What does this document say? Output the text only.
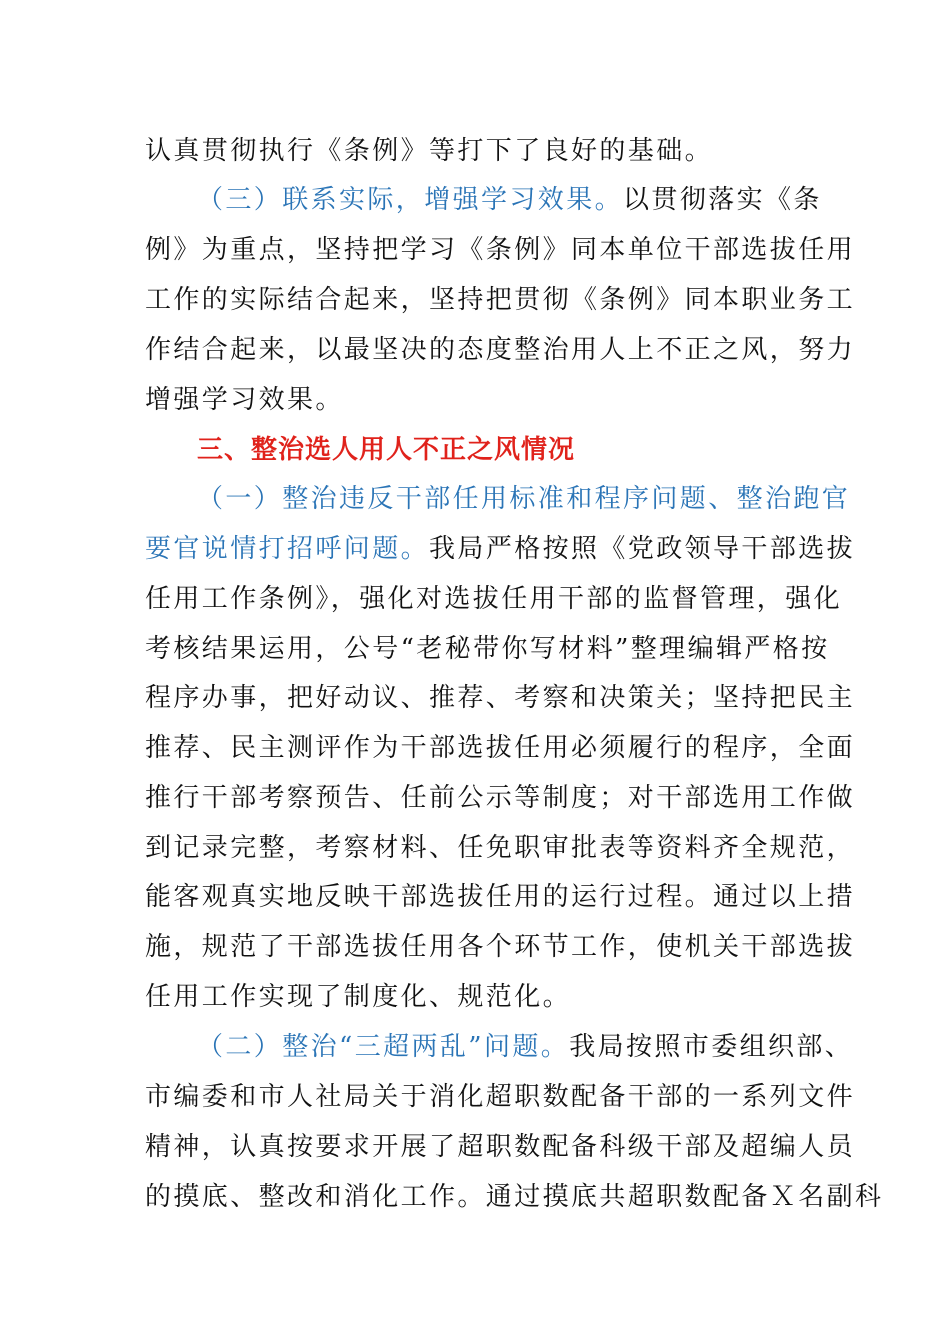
认真贯彻执行《条例》等打下了良好的基础。
（三）联系实际，增强学习效果。以贯彻落实《条
例》为重点，坚持把学习《条例》同本单位干部选拔任用
工作的实际结合起来，坚持把贯彻《条例》同本职业务工
作结合起来，以最坚决的态度整治用人上不正之风，努力
增强学习效果。
三、整治选人用人不正之风情况
（一）整治违反干部任用标准和程序问题、整治跑官
要官说情打招呼问题。我局严格按照《党政领导干部选拔
任用工作条例》，强化对选拔任用干部的监督管理，强化
考核结果运用，公号“老秘带你写材料”整理编辑严格按
程序办事，把好动议、推荐、考察和决策关；坚持把民主
推荐、民主测评作为干部选拔任用必须履行的程序，全面
推行干部考察预告、任前公示等制度；对干部选用工作做
到记录完整，考察材料、任免职审批表等资料齐全规范，
能客观真实地反映干部选拔任用的运行过程。通过以上措
施，规范了干部选拔任用各个环节工作，使机关干部选拔
任用工作实现了制度化、规范化。
（二）整治“三超两乱”问题。我局按照市委组织部、
市编委和市人社局关于消化超职数配备干部的一系列文件
精神，认真按要求开展了超职数配备科级干部及超编人员
的摸底、整改和消化工作。通过摸底共超职数配备Ｘ名副科
